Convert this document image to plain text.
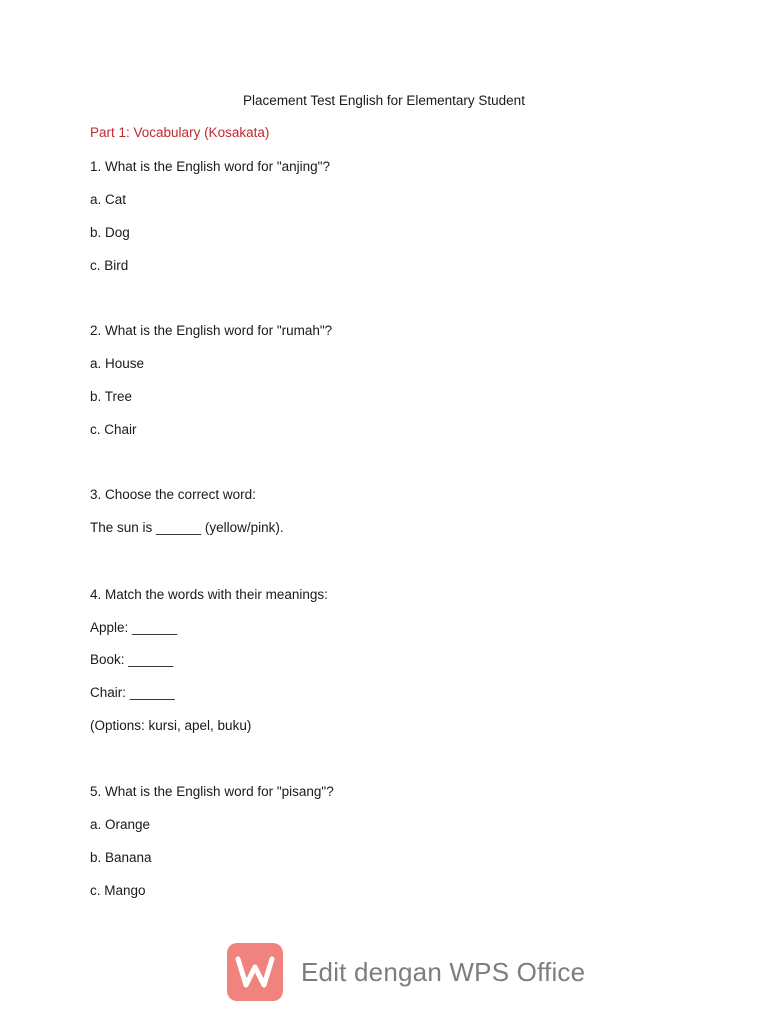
Placement Test English for Elementary Student
Part 1: Vocabulary (Kosakata)
1. What is the English word for "anjing"?
a. Cat
b. Dog
c. Bird
2. What is the English word for "rumah"?
a. House
b. Tree
c. Chair
3. Choose the correct word:
The sun is ______ (yellow/pink).
4. Match the words with their meanings:
Apple: ______
Book: ______
Chair: ______
(Options: kursi, apel, buku)
5. What is the English word for "pisang"?
a. Orange
b. Banana
c. Mango
Edit dengan WPS Office
